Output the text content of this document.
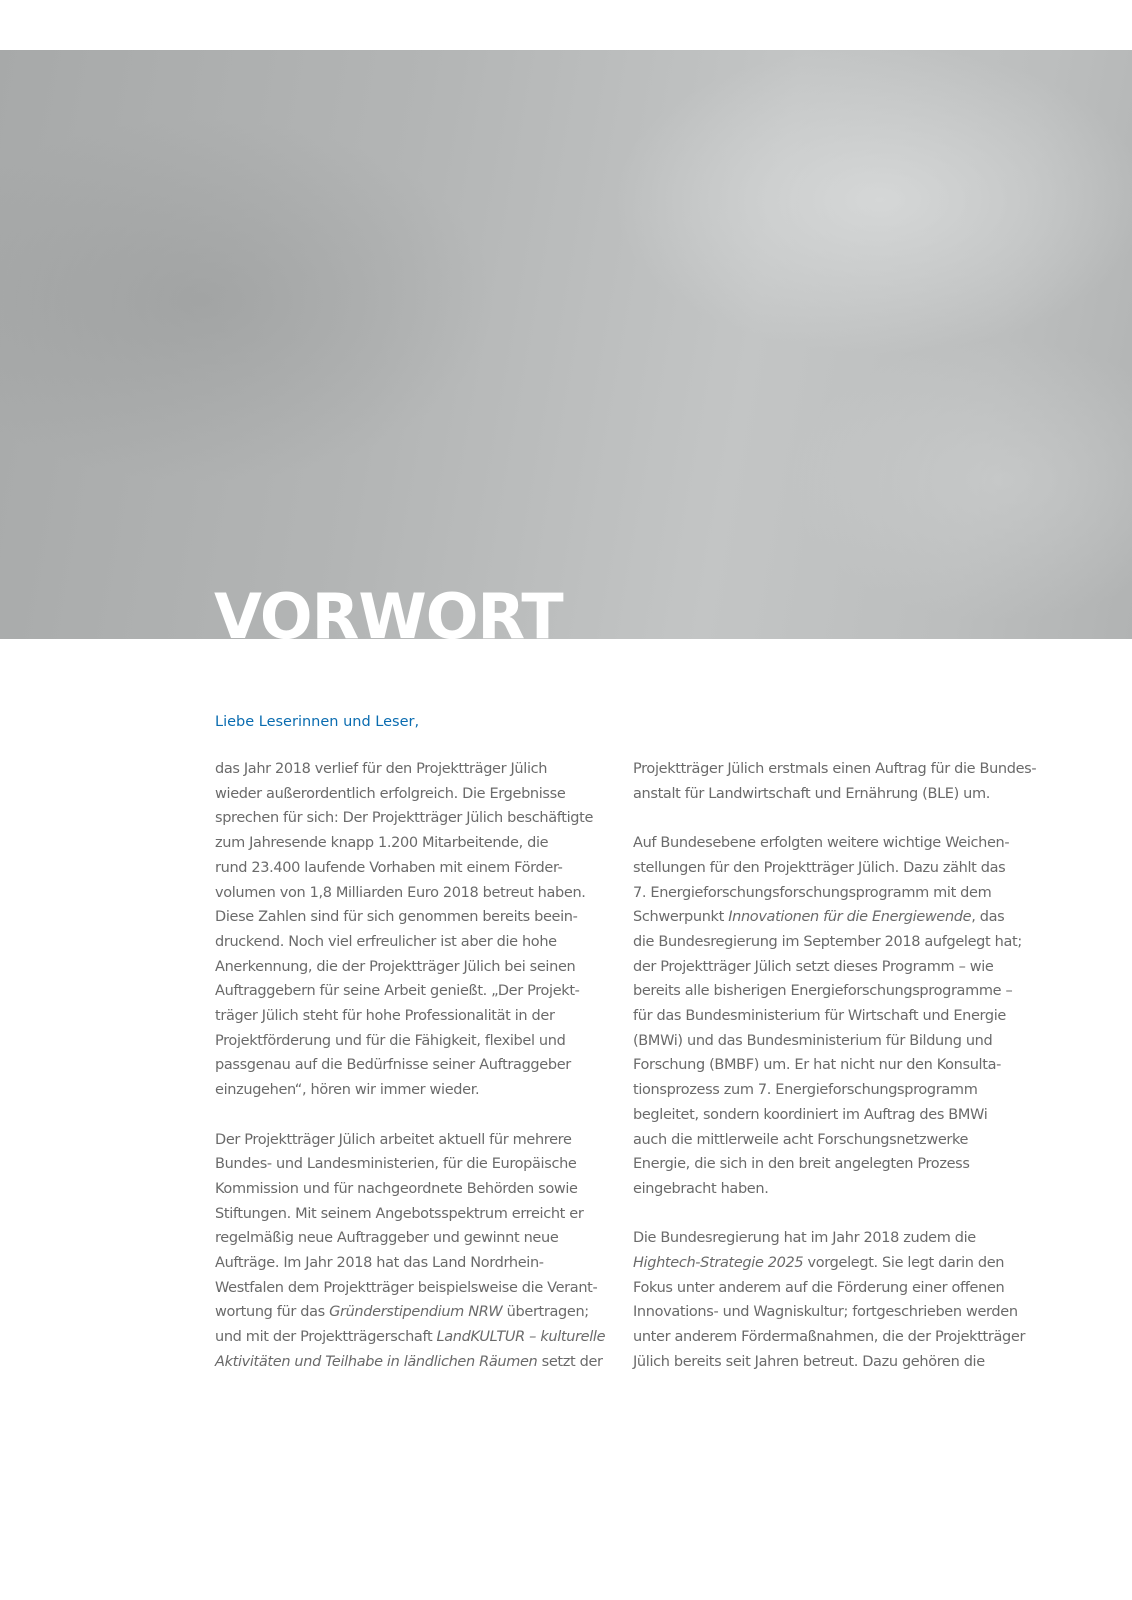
VORWORT

Liebe Leserinnen und Leser,

das Jahr 2018 verlief für den Projektträger Jülich
wieder außerordentlich erfolgreich. Die Ergebnisse
sprechen für sich: Der Projektträger Jülich beschäftigte
zum Jahresende knapp 1.200 Mitarbeitende, die
rund 23.400 laufende Vorhaben mit einem Förder-
volumen von 1,8 Milliarden Euro 2018 betreut haben.
Diese Zahlen sind für sich genommen bereits beein-
druckend. Noch viel erfreulicher ist aber die hohe
Anerkennung, die der Projektträger Jülich bei seinen
Auftraggebern für seine Arbeit genießt. „Der Projekt-
träger Jülich steht für hohe Professionalität in der
Projektförderung und für die Fähigkeit, flexibel und
passgenau auf die Bedürfnisse seiner Auftraggeber
einzugehen“, hören wir immer wieder.
Der Projektträger Jülich arbeitet aktuell für mehrere
Bundes- und Landesministerien, für die Europäische
Kommission und für nachgeordnete Behörden sowie
Stiftungen. Mit seinem Angebotsspektrum erreicht er
regelmäßig neue Auftraggeber und gewinnt neue
Aufträge. Im Jahr 2018 hat das Land Nordrhein-
Westfalen dem Projektträger beispielsweise die Verant-
wortung für das Gründerstipendium NRW übertragen;
und mit der Projektträgerschaft LandKULTUR – kulturelle
Aktivitäten und Teilhabe in ländlichen Räumen setzt der
Projektträger Jülich erstmals einen Auftrag für die Bundes-
anstalt für Landwirtschaft und Ernährung (BLE) um.
Auf Bundesebene erfolgten weitere wichtige Weichen-
stellungen für den Projektträger Jülich. Dazu zählt das
7. Energieforschungsforschungsprogramm mit dem
Schwerpunkt Innovationen für die Energiewende, das
die Bundesregierung im September 2018 aufgelegt hat;
der Projektträger Jülich setzt dieses Programm – wie
bereits alle bisherigen Energieforschungsprogramme –
für das Bundesministerium für Wirtschaft und Energie
(BMWi) und das Bundesministerium für Bildung und
Forschung (BMBF) um. Er hat nicht nur den Konsulta-
tionsprozess zum 7. Energieforschungsprogramm
begleitet, sondern koordiniert im Auftrag des BMWi
auch die mittlerweile acht Forschungsnetzwerke
Energie, die sich in den breit angelegten Prozess
eingebracht haben.
Die Bundesregierung hat im Jahr 2018 zudem die
Hightech-Strategie 2025 vorgelegt. Sie legt darin den
Fokus unter anderem auf die Förderung einer offenen
Innovations- und Wagniskultur; fortgeschrieben werden
unter anderem Fördermaßnahmen, die der Projektträger
Jülich bereits seit Jahren betreut. Dazu gehören die
